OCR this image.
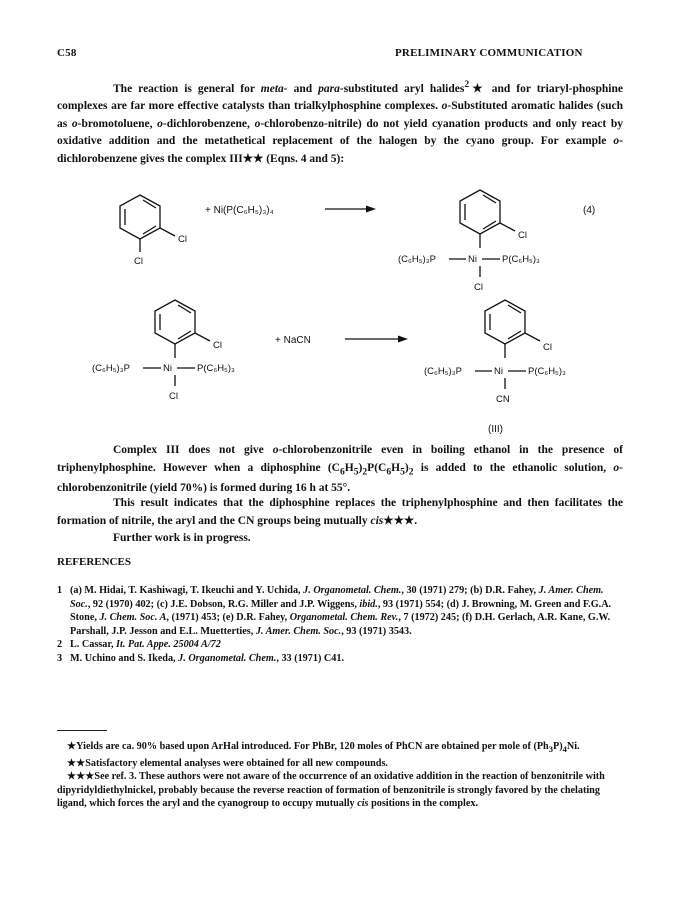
C58	PRELIMINARY COMMUNICATION
The reaction is general for meta- and para-substituted aryl halides$^2$★ and for triaryl-phosphine complexes are far more effective catalysts than trialkylphosphine complexes. o-Substituted aromatic halides (such as o-bromotoluene, o-dichlorobenzene, o-chlorobenzo-nitrile) do not yield cyanation products and only react by oxidative addition and the metathetical replacement of the halogen by the cyano group. For example o-dichlorobenzene gives the complex III★★ (Eqns. 4 and 5):
Cl
Cl
+ Ni(P(C₆H₅)₃)₄	(4)
Cl
(C₆H₅)₃P	Ni	P(C₆H₅)₃
Cl
Cl
(C₆H₅)₃P	Ni	P(C₆H₅)₃
Cl
+ NaCN
Cl
(C₆H₅)₃P	Ni	P(C₆H₅)₃
CN
(III)
Complex III does not give o-chlorobenzonitrile even in boiling ethanol in the presence of triphenylphosphine. However when a diphosphine $(C_6H_5)_2P(C_6H_5)_2$ is added to the ethanolic solution, o-chlorobenzonitrile (yield 70%) is formed during 16 h at 55°.
This result indicates that the diphosphine replaces the triphenylphosphine and then facilitates the formation of nitrile, the aryl and the CN groups being mutually cis★★★.
Further work is in progress.
REFERENCES
1 (a) M. Hidai, T. Kashiwagi, T. Ikeuchi and Y. Uchida, J. Organometal. Chem., 30 (1971) 279; (b) D.R. Fahey, J. Amer. Chem. Soc., 92 (1970) 402; (c) J.E. Dobson, R.G. Miller and J.P. Wiggens, ibid., 93 (1971) 554; (d) J. Browning, M. Green and F.G.A. Stone, J. Chem. Soc. A, (1971) 453; (e) D.R. Fahey, Organometal. Chem. Rev., 7 (1972) 245; (f) D.H. Gerlach, A.R. Kane, G.W. Parshall, J.P. Jesson and E.L. Muetterties, J. Amer. Chem. Soc., 93 (1971) 3543.
2 L. Cassar, It. Pat. Appe. 25004 A/72
3 M. Uchino and S. Ikeda, J. Organometal. Chem., 33 (1971) C41.
★Yields are ca. 90% based upon ArHal introduced. For PhBr, 120 moles of PhCN are obtained per mole of $(Ph_3P)_4Ni$.
★★Satisfactory elemental analyses were obtained for all new compounds.
★★★See ref. 3. These authors were not aware of the occurrence of an oxidative addition in the reaction of benzonitrile with dipyridyldiethylnickel, probably because the reverse reaction of formation of benzonitrile is strongly favored by the chelating ligand, which forces the aryl and the cyanogroup to occupy mutually cis positions in the complex.
